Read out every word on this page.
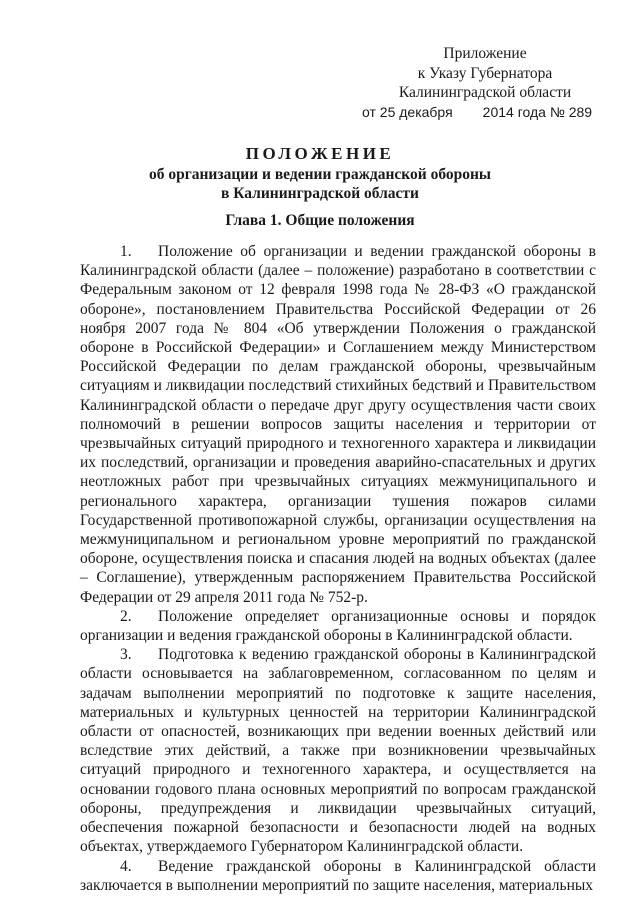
Приложение
к Указу Губернатора
Калининградской области
от 25 декабря 2014 года № 289
ПОЛОЖЕНИЕ
об организации и ведении гражданской обороны
в Калининградской области
Глава 1. Общие положения

1. Положение об организации и ведении гражданской обороны в Калининградской области (далее – положение) разработано в соответствии с Федеральным законом от 12 февраля 1998 года № 28-ФЗ «О гражданской обороне», постановлением Правительства Российской Федерации от 26 ноября 2007 года № 804 «Об утверждении Положения о гражданской обороне в Российской Федерации» и Соглашением между Министерством Российской Федерации по делам гражданской обороны, чрезвычайным ситуациям и ликвидации последствий стихийных бедствий и Правительством Калининградской области о передаче друг другу осуществления части своих полномочий в решении вопросов защиты населения и территории от чрезвычайных ситуаций природного и техногенного характера и ликвидации их последствий, организации и проведения аварийно-спасательных и других неотложных работ при чрезвычайных ситуациях межмуниципального и регионального характера, организации тушения пожаров силами Государственной противопожарной службы, организации осуществления на межмуниципальном и региональном уровне мероприятий по гражданской обороне, осуществления поиска и спасания людей на водных объектах (далее – Соглашение), утвержденным распоряжением Правительства Российской Федерации от 29 апреля 2011 года № 752-р.

2. Положение определяет организационные основы и порядок организации и ведения гражданской обороны в Калининградской области.

3. Подготовка к ведению гражданской обороны в Калининградской области основывается на заблаговременном, согласованном по целям и задачам выполнении мероприятий по подготовке к защите населения, материальных и культурных ценностей на территории Калининградской области от опасностей, возникающих при ведении военных действий или вследствие этих действий, а также при возникновении чрезвычайных ситуаций природного и техногенного характера, и осуществляется на основании годового плана основных мероприятий по вопросам гражданской обороны, предупреждения и ликвидации чрезвычайных ситуаций, обеспечения пожарной безопасности и безопасности людей на водных объектах, утверждаемого Губернатором Калининградской области.

4. Ведение гражданской обороны в Калининградской области заключается в выполнении мероприятий по защите населения, материальных
